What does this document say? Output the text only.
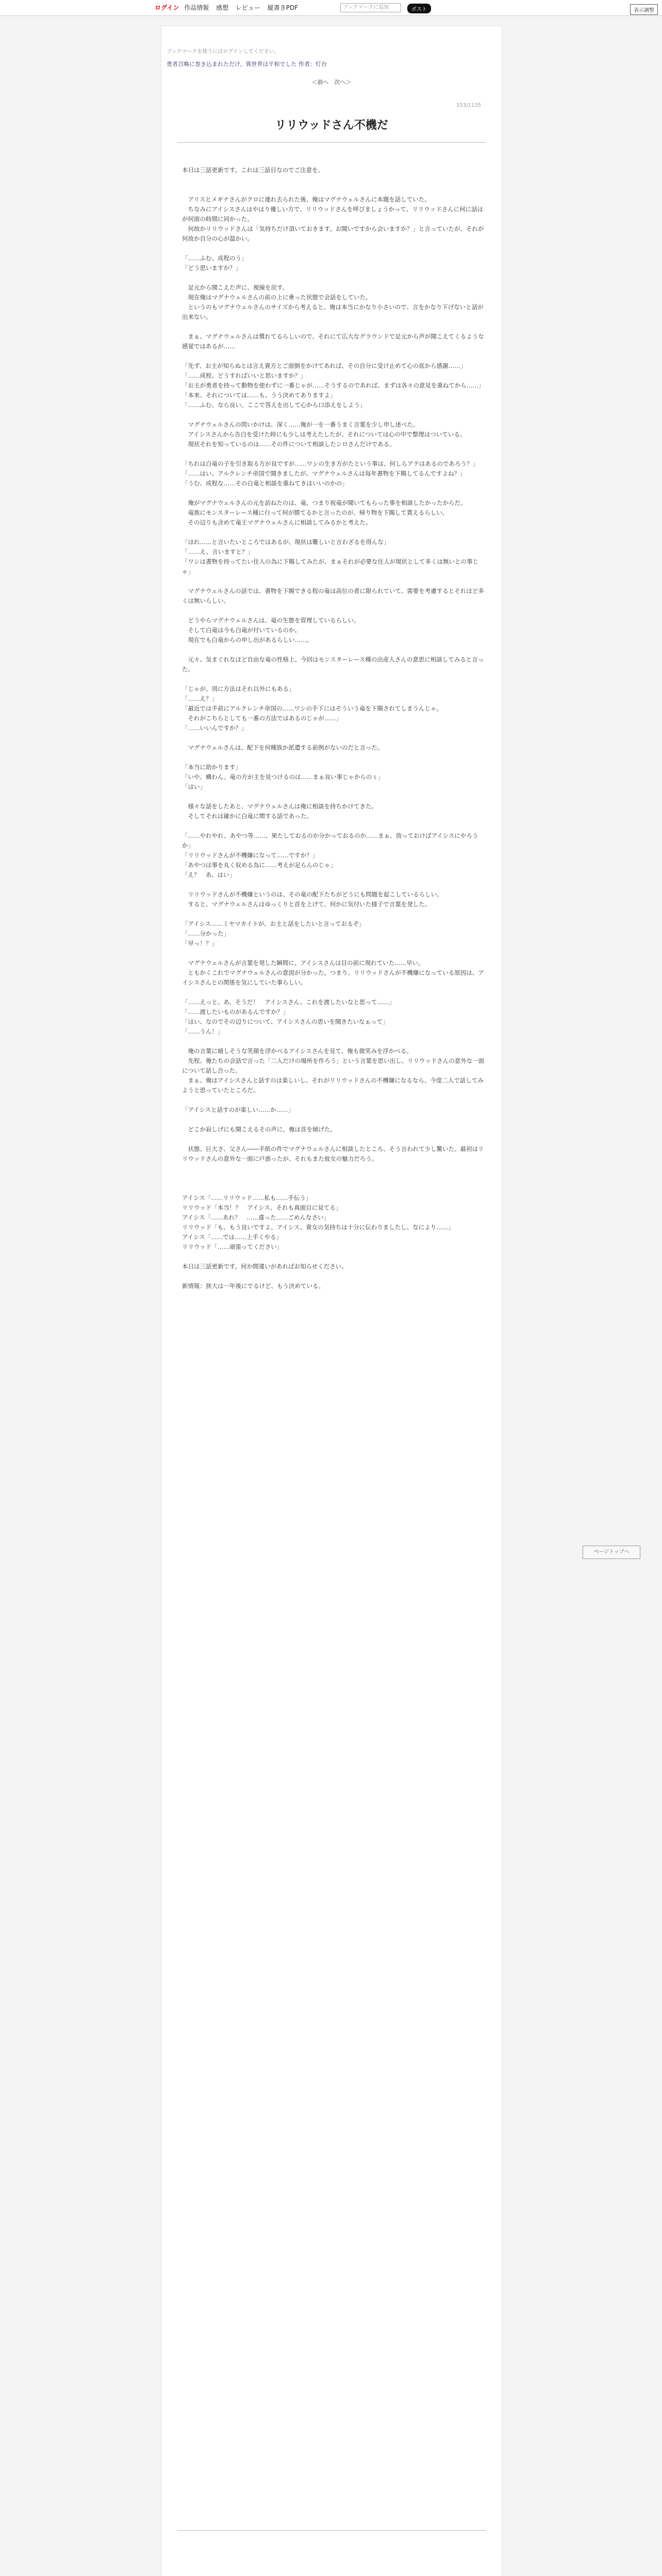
ログイン 作品情報 感想 レビュー 縦書きPDF	ブックマークに追加	ポスト	表示調整
ブックマークを使うにはログインしてください。
勇者召喚に巻き込まれただけ、異世界は平和でした 作者：灯台
＜前へ　次へ＞
153/1135
リリウッドさん不機だ
本日は三話更新です。これは三話目なのでご注意を。

　アリスとメギナさんがクロに連れ去られた後、俺はマグナウェルさんに本題を話していた。
　ちなみにアイシスさんはやはり優しい方で、リリウッドさんを呼びましょうかって、リリウッドさんに何に話はが何面の時間に同かった。
　何故かリリウッドさんは「気持ちだけ頂いておきます。お聞いですから会いますか？」と言っていたが、それが何故か自分の心が温かい。

「……ふむ、成程のう」
「どう思いますか？」

　足元から聞こえた声に、視線を戻す。
　現在俺はマグナウェルさんの前の上に乗った状態で会話をしていた。
　というのもマグナウェルさんのサイズから考えると、俺は本当にかなり小さいので、言をかなり下げないと話が出来ない。

　まぁ、マグナウェルさんは慣れてるらしいので、それにて広大なグラウンドで足元から声が聞こえてくるような感覚ではあるが……

「先ず、お主が知らぬとは言え貴方とご面倒をかけてあれば、その自分に受け止めて心の底から感謝……」
「……成程、どうすればいいと思いますか？」
「お主が勇者を持って動物を使わずに一番じゃが……そうするのであれば、まずは各々の意見を重ねてから……」
「本来、それについては……も、うう決めてありますよ」
「……ふむ、なら良い。ここで答えを出して心から口添えをしよう」

　マグナウェルさんの問いかけは、深く……俺が一を一番うまく言葉を少し申し述べた。
　アイシスさんから告白を受けた時にも少しは考えたしたが、それについては心の中で整理はついている。
　現状それを知っているのは……その件について相談したシロさんだけである。

「ちれは白竜の子を引き取る方が良ですが……ワシの生き方がたという事は、何しらアテはあるのであろう？」
「……はい、アルクレンチ帝国で聞きましたが、マグナウェルさんは毎年書物を下賜してるんですよね？」
「うむ、成程な……その白竜と相談を重ねてきはいいのかの」

　俺がマグナウェルさんの元を訪ねたのは、竜、つまり祝竜が聞いてもらった事を相談したかったからだ。
　竜族にモンスターレース種に行って何が勝てるかと言ったのが、帰り物を下賜して貰えるらしい。
　その辺りも含めて竜王マグナウェルさんに相談してみるかと考えた。

「ほれ……と言いたいところではあるが、現状は難しいと言わざるを得んな」
「……え、言いますと？」
「ワシは書物を持ってたい住人の為に下賜してみたが、まぁそれが必要な住人が現状として多くは無いとの事じゃ」

　マグナウェルさんの話では、書物を下賜できる程の竜は高位の者に限られていて、需要を考慮するとそれほど多くは無いらしい。

　どうやらマグナウェルさんは、竜の生態を管理しているらしい。
　そして白竜は今も白竜が付いているのか。
　現在でも白竜からの申し出があるらしい……。

　元々、気まぐれなほど自由な竜の性格上、今回はモンスターレース種の出産人さんの意思に相談してみると言った。

「じゃが、別に方法はそれ以外にもある」
「……え？」
「最近では手前にアルクレンチ帝国の……ワシの手下にはそういう竜を下賜されてしまうんじゃ。
　それがこちらとしても一番の方法ではあるのじゃが……」
「……いいんですか？」

　マグナウェルさんは、配下を何種族か派遣する前例がないのだと言った。

「本当に助かります」
「いや、構わん。竜の方が主を見つけるのは……まぁ良い事じゃからのぅ」
「はい」

　様々な話をしたあと、マグナウェルさんは俺に相談を持ちかけてきた。
　そしてそれは確かに白竜に関する話であった。

「……やれやれ、あやつ等……、果たしておるのか分かっておるのか……まぁ、放っておけばアイシスにやろうか」
「リリウッドさんが不機嫌になって……ですか？」
「あやつは事を丸く収める為に……考えが足らんのじゃ」
「え？　あ、はい」

　リリウッドさんが不機嫌というのは、その竜の配下たちがどうにも問題を起こしているらしい。
　すると、マグナウェルさんはゆっくりと首を上げて、何かに気付いた様子で言葉を発した。

「アイシス……ミヤマカイトが、お主と話をしたいと言っておるぞ」
「……分かった」
「早っ！？」

　マグナウェルさんが言葉を発した瞬間に、アイシスさんは目の前に現れていた……早い。
　ともかくこれでマグナウェルさんの意図が分かった。つまり、リリウッドさんが不機嫌になっている原因は、アイシスさんとの関係を気にしていた事らしい。

「……えっと、あ、そうだ！　アイシスさん、これを渡したいなと思って……」
「……渡したいものがあるんですか？」
「はい、なのでその辺りについて、アイシスさんの思いを聞きたいなぁって」
「……うん！」

　俺の言葉に嬉しそうな笑顔を浮かべるアイシスさんを見て、俺も微笑みを浮かべる。
　先程、俺たちの会話で言った「二人だけの場所を作ろう」という言葉を思い出し、リリウッドさんの意外な一面について話し合った。
　まぁ、俺はアイシスさんと話すのは楽しいし、それがリリウッドさんの不機嫌になるなら、今度二人で話してみようと思っていたところだ。

「アイシスと話すのが楽しい……か……」

　どこか寂しげにも聞こえるその声に、俺は首を傾げた。

　状態、巨大さ、父さん――手紙の件でマグナウェルさんに相談したところ、そう言われて少し驚いた。最初はリリウッドさんの意外な一面に戸惑ったが、それもまた彼女の魅力だろう。

アイシス「……リリウッド……私も……手伝う」
リリウッド「本当！？　アイシス、それも真面目に見てる」
アイシス「……あれ？　……違った……ごめんなさい」
リリウッド「も、もう良いですよ、アイシス、貴女の気持ちは十分に伝わりましたし、なにより……」
アイシス「……では……上手くやる」
リリウッド「……頑張ってください」

本日は三話更新です。何か間違いがあればお知らせください。

新情報：狭大は一年後にでるけど、もう決めている。
ページトップへ
